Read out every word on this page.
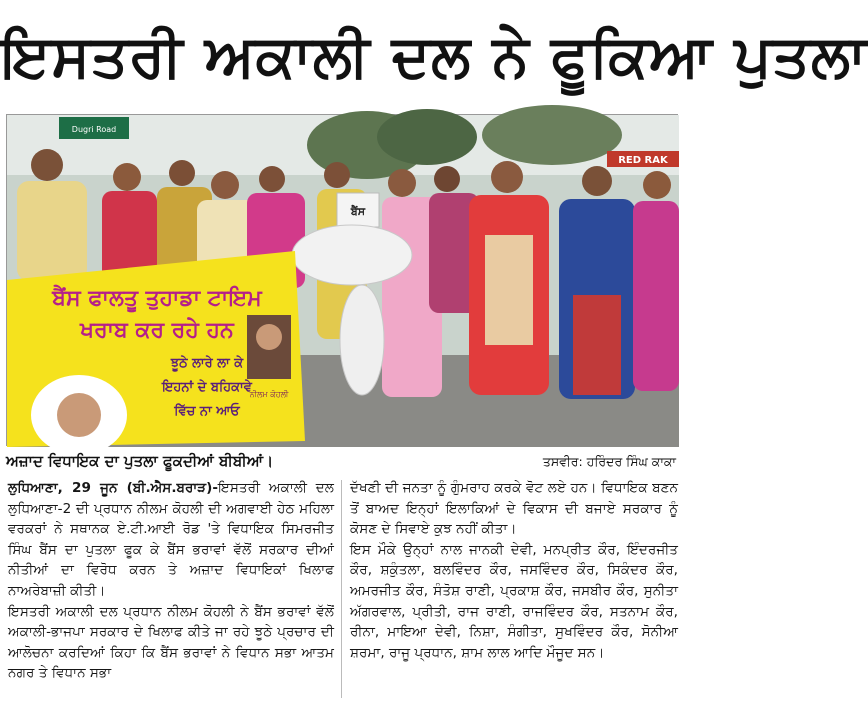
ਇਸਤਰੀ ਅਕਾਲੀ ਦਲ ਨੇ ਫੂਕਿਆ ਪੁਤਲਾ
Dugri Road
RED RAK
ਬੈਂਸ
ਬੈਂਸ ਫਾਲਤੂ ਤੁਹਾਡਾ ਟਾਇਮ
ਖਰਾਬ ਕਰ ਰਹੇ ਹਨ
ਝੂਠੇ ਲਾਰੇ ਲਾ ਕੇ
ਇਹਨਾਂ ਦੇ ਬਹਿਕਾਵੇ
ਵਿੱਚ ਨਾ ਆਓ
ਨੀਲਮ ਕੋਹਲੀ
ਅਜ਼ਾਦ ਵਿਧਾਇਕ ਦਾ ਪੁਤਲਾ ਫੂਕਦੀਆਂ ਬੀਬੀਆਂ।	ਤਸਵੀਰ: ਹਰਿੰਦਰ ਸਿੰਘ ਕਾਕਾ

ਲੁਧਿਆਣਾ, 29 ਜੂਨ (ਬੀ.ਐਸ.ਬਰਾੜ)-ਇਸਤਰੀ ਅਕਾਲੀ ਦਲ ਲੁਧਿਆਣਾ-2 ਦੀ ਪ੍ਰਧਾਨ ਨੀਲਮ ਕੋਹਲੀ ਦੀ ਅਗਵਾਈ ਹੇਠ ਮਹਿਲਾ ਵਰਕਰਾਂ ਨੇ ਸਥਾਨਕ ਏ.ਟੀ.ਆਈ ਰੋਡ 'ਤੇ ਵਿਧਾਇਕ ਸਿਮਰਜੀਤ ਸਿੰਘ ਬੈਂਸ ਦਾ ਪੁਤਲਾ ਫੂਕ ਕੇ ਬੈਂਸ ਭਰਾਵਾਂ ਵੱਲੋਂ ਸਰਕਾਰ ਦੀਆਂ ਨੀਤੀਆਂ ਦਾ ਵਿਰੋਧ ਕਰਨ ਤੇ ਅਜ਼ਾਦ ਵਿਧਾਇਕਾਂ ਖਿਲਾਫ ਨਾਅਰੇਬਾਜ਼ੀ ਕੀਤੀ।

ਇਸਤਰੀ ਅਕਾਲੀ ਦਲ ਪ੍ਰਧਾਨ ਨੀਲਮ ਕੋਹਲੀ ਨੇ ਬੈਂਸ ਭਰਾਵਾਂ ਵੱਲੋਂ ਅਕਾਲੀ-ਭਾਜਪਾ ਸਰਕਾਰ ਦੇ ਖਿਲਾਫ ਕੀਤੇ ਜਾ ਰਹੇ ਝੂਠੇ ਪ੍ਰਚਾਰ ਦੀ ਆਲੋਚਨਾ ਕਰਦਿਆਂ ਕਿਹਾ ਕਿ ਬੈਂਸ ਭਰਾਵਾਂ ਨੇ ਵਿਧਾਨ ਸਭਾ ਆਤਮ ਨਗਰ ਤੇ ਵਿਧਾਨ ਸਭਾ

ਦੱਖਣੀ ਦੀ ਜਨਤਾ ਨੂੰ ਗੁੰਮਰਾਹ ਕਰਕੇ ਵੋਟ ਲਏ ਹਨ। ਵਿਧਾਇਕ ਬਣਨ ਤੋਂ ਬਾਅਦ ਇਨ੍ਹਾਂ ਇਲਾਕਿਆਂ ਦੇ ਵਿਕਾਸ ਦੀ ਬਜਾਏ ਸਰਕਾਰ ਨੂੰ ਕੋਸਣ ਦੇ ਸਿਵਾਏ ਕੁਝ ਨਹੀਂ ਕੀਤਾ।

ਇਸ ਮੌਕੇ ਉਨ੍ਹਾਂ ਨਾਲ ਜਾਨਕੀ ਦੇਵੀ, ਮਨਪ੍ਰੀਤ ਕੌਰ, ਇੰਦਰਜੀਤ ਕੌਰ, ਸ਼ਕੁੰਤਲਾ, ਬਲਵਿੰਦਰ ਕੌਰ, ਜਸਵਿੰਦਰ ਕੌਰ, ਸਿਕੰਦਰ ਕੌਰ, ਅਮਰਜੀਤ ਕੌਰ, ਸੰਤੋਸ਼ ਰਾਣੀ, ਪ੍ਰਕਾਸ਼ ਕੌਰ, ਜਸਬੀਰ ਕੌਰ, ਸੁਨੀਤਾ ਅੱਗਰਵਾਲ, ਪ੍ਰੀਤੀ, ਰਾਜ ਰਾਣੀ, ਰਾਜਵਿੰਦਰ ਕੌਰ, ਸਤਨਾਮ ਕੌਰ, ਰੀਨਾ, ਮਾਇਆ ਦੇਵੀ, ਨਿਸ਼ਾ, ਸੰਗੀਤਾ, ਸੁਖਵਿੰਦਰ ਕੌਰ, ਸੋਨੀਆ ਸ਼ਰਮਾ, ਰਾਜੂ ਪ੍ਰਧਾਨ, ਸ਼ਾਮ ਲਾਲ ਆਦਿ ਮੌਜੂਦ ਸਨ।
